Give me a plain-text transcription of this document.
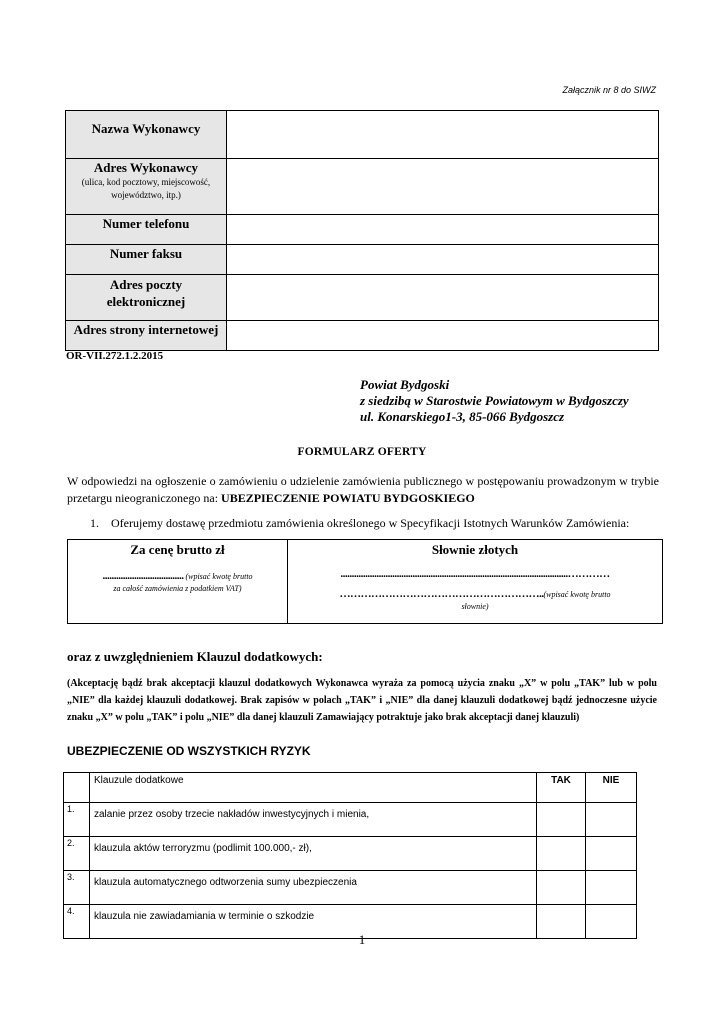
Załącznik nr 8 do SIWZ
Nazwa Wykonawcy	

Adres Wykonawcy
(ulica, kod pocztowy, miejscowość,
województwo, itp.)	

Numer telefonu	

Numer faksu	

Adres poczty
elektronicznej	

Adres strony internetowej	

OR-VII.272.1.2.2015
Powiat Bydgoski
z siedzibą w Starostwie Powiatowym w Bydgoszczy
ul. Konarskiego1-3, 85-066 Bydgoszcz
FORMULARZ OFERTY
W odpowiedzi na ogłoszenie o zamówieniu o udzielenie zamówienia publicznego w postępowaniu prowadzonym w trybie przetargu nieograniczonego na: UBEZPIECZENIE POWIATU BYDGOSKIEGO
1.    Oferujemy dostawę przedmiotu zamówienia określonego w Specyfikacji Istotnych Warunków Zamówienia:
Za cenę brutto zł
.................................... (wpisać kwotę brutto
za całość zamówienia z podatkiem VAT)

Słownie złotych
.....................................................................................................…………
…………………………………………………..(wpisać kwotę brutto
słownie)
oraz z uwzględnieniem Klauzul dodatkowych:
(Akceptację bądź brak akceptacji klauzul dodatkowych Wykonawca wyraża za pomocą użycia znaku „X” w polu „TAK” lub w polu „NIE” dla każdej klauzuli dodatkowej. Brak zapisów w polach „TAK” i „NIE” dla danej klauzuli dodatkowej bądź jednoczesne użycie znaku „X” w polu „TAK” i polu „NIE” dla danej klauzuli Zamawiający potraktuje jako brak akceptacji danej klauzuli)
UBEZPIECZENIE OD WSZYSTKICH RYZYK
	Klauzule dodatkowe	TAK	NIE
1.	zalanie przez osoby trzecie nakładów inwestycyjnych i mienia,		
2.	klauzula aktów terroryzmu (podlimit 100.000,- zł),		
3.	klauzula automatycznego odtworzenia sumy ubezpieczenia		
4.	klauzula nie zawiadamiania w terminie o szkodzie		
1
